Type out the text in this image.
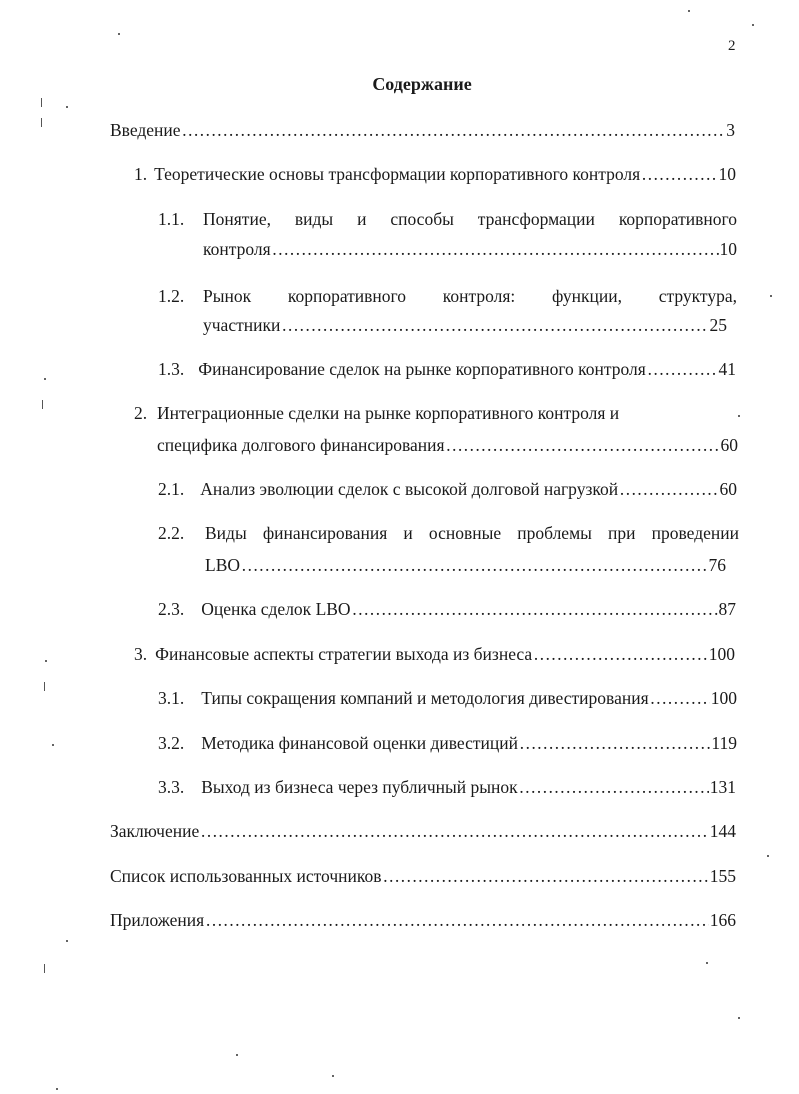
2
Содержание
Введение …………………………………………………………………………………………………………………………………………………………	3
1. Теоретические основы трансформации корпоративного контроля …………………………………………………………………………………………………………………………………………………………	10
1.1. Понятие, виды и способы трансформации корпоративного
контроля …………………………………………………………………………………………………………………………………………………………	10
1.2. Рынок корпоративного контроля: функции, структура,
участники …………………………………………………………………………………………………………………………………………………………	25
1.3. Финансирование сделок на рынке корпоративного контроля …………………………………………………………………………………………………………………………………………………………	41
2. Интеграционные сделки на рынке корпоративного контроля и
специфика долгового финансирования …………………………………………………………………………………………………………………………………………………………	60
2.1. Анализ эволюции сделок с высокой долговой нагрузкой …………………………………………………………………………………………………………………………………………………………	60
2.2. Виды финансирования и основные проблемы при проведении
LBO …………………………………………………………………………………………………………………………………………………………	76
2.3. Оценка сделок LBO …………………………………………………………………………………………………………………………………………………………	87
3. Финансовые аспекты стратегии выхода из бизнеса …………………………………………………………………………………………………………………………………………………………	100
3.1. Типы сокращения компаний и методология дивестирования …………………………………………………………………………………………………………………………………………………………	100
3.2. Методика финансовой оценки дивестиций …………………………………………………………………………………………………………………………………………………………	119
3.3. Выход из бизнеса через публичный рынок …………………………………………………………………………………………………………………………………………………………	131
Заключение …………………………………………………………………………………………………………………………………………………………	144
Список использованных источников …………………………………………………………………………………………………………………………………………………………	155
Приложения …………………………………………………………………………………………………………………………………………………………	166
